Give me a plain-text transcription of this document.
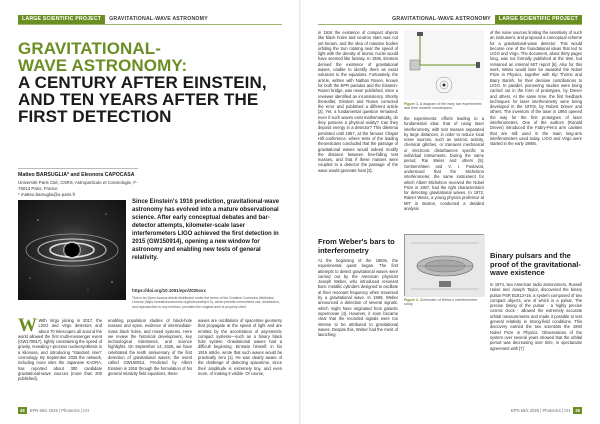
LARGE SCIENTIFIC PROJECT	GRAVITATIONAL-WAVE ASTRONOMY
GRAVITATIONAL-
WAVE ASTRONOMY:
A CENTURY AFTER EINSTEIN,
AND TEN YEARS AFTER THE
FIRST DETECTION
Matteo BARSUGLIA* and Eleonora CAPOCASA
Université Paris Cité, CNRS, Astroparticule et Cosmologie, F-75013 Paris, France
* matteo.barsuglia@u-paris.fr
Since Einstein's 1916 prediction, gravitational-wave astronomy has evolved into a mature observational science. After early conceptual debates and bar-detector attempts, kilometer-scale laser interferometers LIGO achieved the first detection in 2015 (GW150914), opening a new window for astronomy and enabling new tests of general relativity.
https://doi.org/10.1051/epn/2025xxx
This is an Open Access article distributed under the terms of the Creative Commons Attribution License (https://creativecommons.org/licenses/by/4.0), which permits unrestricted use, distribution, and reproduction in any medium, provided the original work is properly cited.

W With Virgo joining in 2017, the LIGO and Virgo detectors and about 70 telescopes all around the world allowed the first multi-messenger event (GW170817), tightly constraining the speed of gravity, revealing r-process nucleosynthesis in a kilonova, and introducing "standard siren" cosmology. By September 2025 the network, including more sites the Japanese KAGRA, has reported about 300 candidate gravitational-wave sources (more than 200 published),

enabling population studies of black-hole masses and spins, evidence of intermediate-mass black holes, and mixed systems. Here we review the historical development, key technological milestones, and science highlights. On September 14, 2025, we have celebrated the tenth anniversary of the first detection of gravitational waves; the event called GW150914. Predicted by Albert Einstein in 1916 through the formulation of his general relativity field equations, these

waves are oscillations of spacetime geometry that propagate at the speed of light and are emitted by the acceleration of asymmetric compact systems—such as a binary black hole system. Gravitational waves had a difficult beginning. Einstein himself, in his 1916 article, wrote that such waves would be practically zero [1]. He was clearly aware of the challenge of detecting spacetime, since their amplitude is extremely tiny, and even more, of making it visible. Of course,

48	EPN 56/x 2025 | Photonics | CH
GRAVITATIONAL-WAVE ASTRONOMY	LARGE SCIENTIFIC PROJECT

in 1916 the existence of compact objects like black holes and neutron stars was not yet known, and the idea of massive bodies orbiting the Sun rotating near the speed of light with the density of atomic nuclei would have seemed like fantasy. In 1936, Einstein derived the existence of gravitational waves, unable to identify them as exact solutions to the equations. Fortunately, the article, written with Nathan Rosen, known for both the EPR paradox and the Einstein-Rosen bridge, was never published, since a reviewer identified an inconsistency. Shortly thereafter, Einstein and Rosen corrected the error and published a different article [2]. Yet, a fundamental question remained: even if such waves exist mathematically, do they possess a physical reality? Can they deposit energy in a detector? This dilemma persisted until 1957, at the famous Chapel Hill conference, where tests of the leading theoreticians concluded that the passage of gravitational waves would indeed modify the distance between free-falling test masses, and that if these masses were coupled to a detector the passage of the wave would generate heat [3].

From Weber's bars to interferometry

At the beginning of the 1960s, the experimental quest began. The first attempts to detect gravitational waves were carried out by the American physicist Joseph Weber, who introduced resonant bars: metallic cylinders designed to oscillate at their resonant frequency when traversed by a gravitational wave. In 1969, Weber announced a detection of several signals, which might have originated from galactic supernovae [4]. However, it soon became clear that the recorded signals were too intense to be attributed to gravitational waves. Despite this, Weber had the merit of launching

Figure 1. A diagram of the early bar experiments and their modern counterparts.

the experiments: efforts leading to a fundamental idea: that of using laser interferometry, with test masses separated by large distances, in order to reduce local noise sources, such as seismic activity, chemical glitches, or transient mechanical or electronic disturbances specific to individual instruments. During the same period, Rai Weiss and others [5]. Gertsenshtein and V. I. Pustovoit, understood that the Michelson interferometer, the same instrument for which Albert Michelson received the Nobel Prize in 1907, had the right characteristics for detecting gravitational waves. In 1972, Rainer Weiss, a young physics professor at MIT in Boston, conducted a detailed analysis

Figure 2. Schematic of Weiss's interferometer study.

of the noise sources limiting the sensitivity of such an instrument, and proposed a conceptual scheme for a gravitational-wave detector. This would become one of the foundational ideas that led to LIGO and Virgo. The document, about thirty pages long, was not formally published at the time, but remained an internal MIT report [6]. Also for this work, Weiss would later be awarded the Nobel Prize in Physics, together with Kip Thorne and Barry Barish, for their decisive contributions to LIGO. In parallel, pioneering studies were being carried out in the form of prototypes, by Drever and others. At the same time, the first feedback techniques for laser interferometry were being developed in the 1970s, by Robert Drever and others. The inventors of the laser in 1960 opened the way for the first prototypes of laser interferometers. One of the authors (Ronald Drever) introduced the Fabry-Perot arm cavities that are still used in the main long-arm interferometers used today. LIGO and Virgo were started in the early 1990s.

Binary pulsars and the proof of the gravitational-wave existence

In 1974, two American radio astronomers, Russell Hulse and Joseph Taylor, discovered the binary pulsar PSR B1913+16, a system composed of two compact objects, one of which is a pulsar. The precise timing of the pulsar - a highly precise cosmic clock - allowed the extremely accurate orbital measurements and made it possible to test general relativity in strong-field conditions. This discovery earned the two scientists the 1993 Nobel Prize in Physics. Observations of the system over several years showed that the orbital period was decreasing over time, in spectacular agreement with [7]

EPN 56/x 2025 | Photonics | CH	49
